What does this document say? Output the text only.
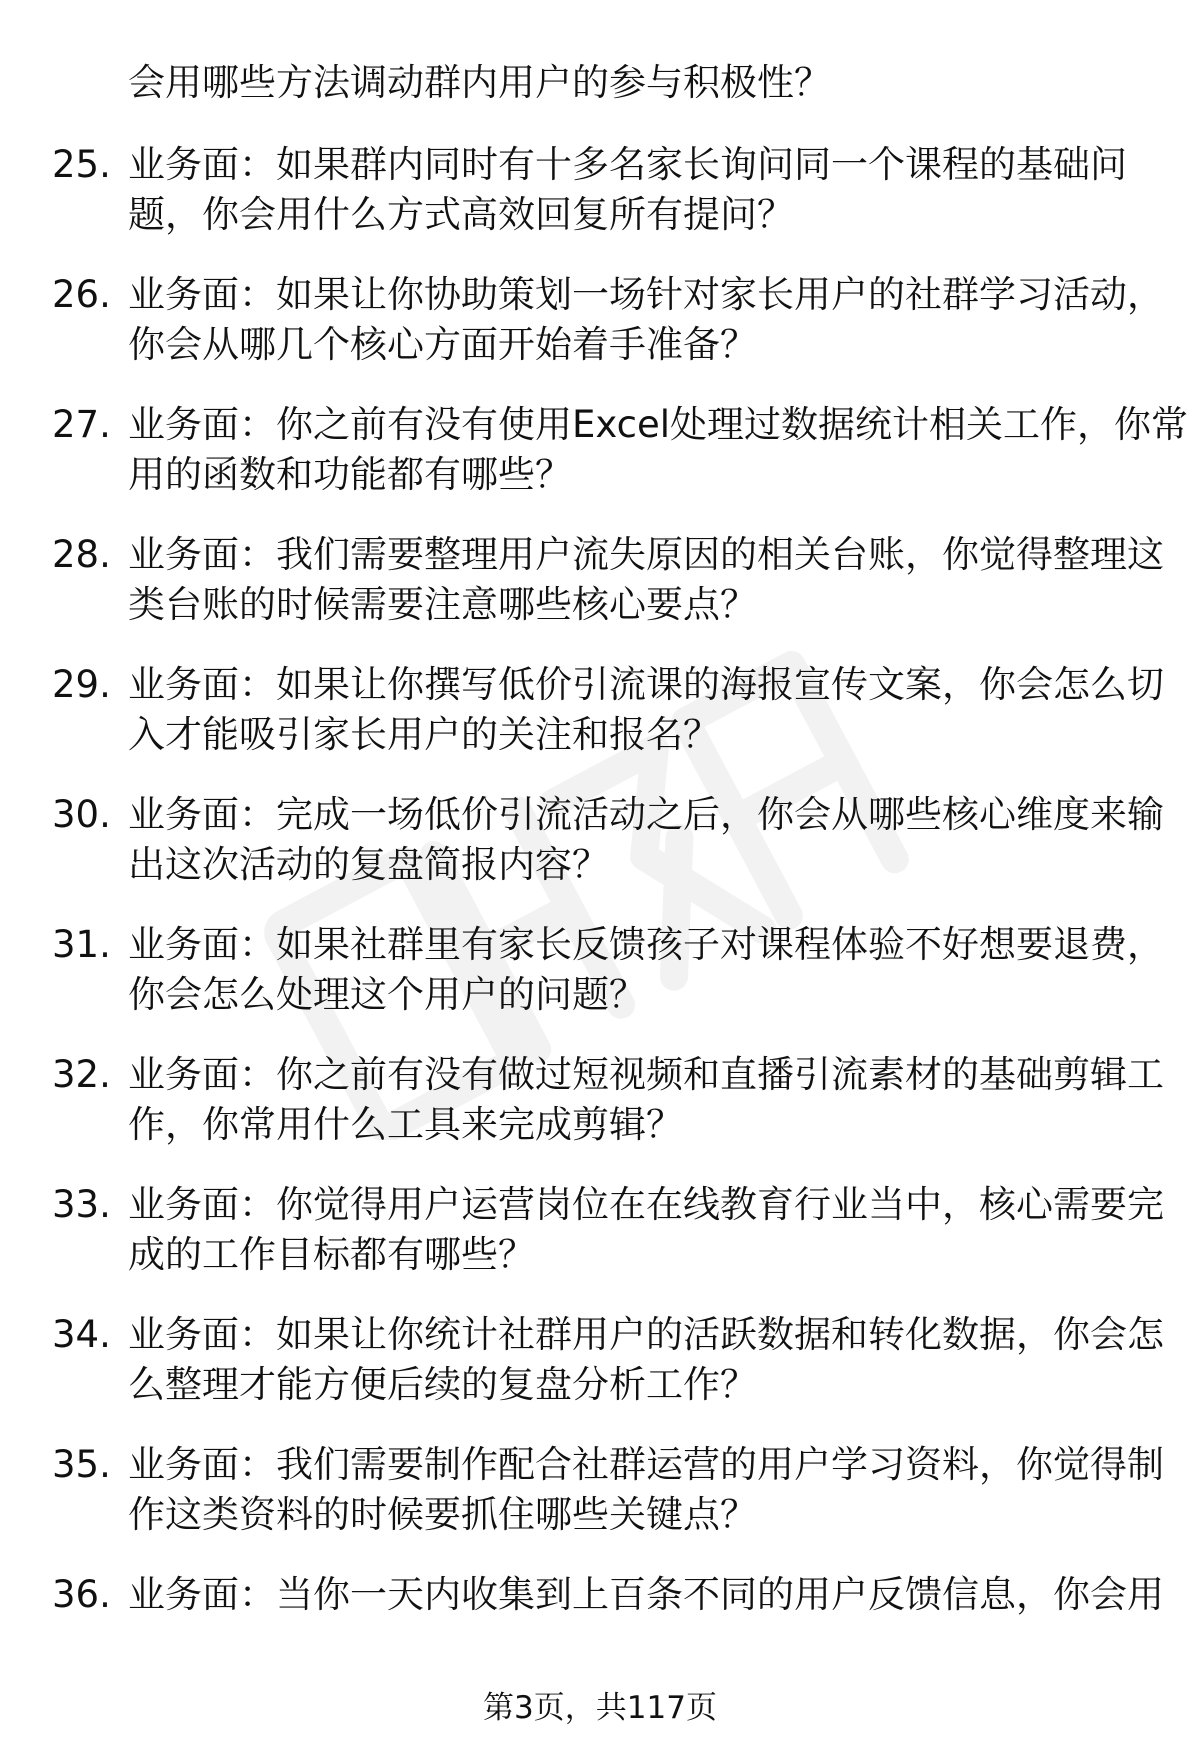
会用哪些方法调动群内用户的参与积极性？
25. 业务面：如果群内同时有十多名家长询问同一个课程的基础问
题，你会用什么方式高效回复所有提问？
26. 业务面：如果让你协助策划一场针对家长用户的社群学习活动，
你会从哪几个核心方面开始着手准备？
27. 业务面：你之前有没有使用Excel处理过数据统计相关工作，你常
用的函数和功能都有哪些？
28. 业务面：我们需要整理用户流失原因的相关台账，你觉得整理这
类台账的时候需要注意哪些核心要点？
29. 业务面：如果让你撰写低价引流课的海报宣传文案，你会怎么切
入才能吸引家长用户的关注和报名？
30. 业务面：完成一场低价引流活动之后，你会从哪些核心维度来输
出这次活动的复盘简报内容？
31. 业务面：如果社群里有家长反馈孩子对课程体验不好想要退费，
你会怎么处理这个用户的问题？
32. 业务面：你之前有没有做过短视频和直播引流素材的基础剪辑工
作，你常用什么工具来完成剪辑？
33. 业务面：你觉得用户运营岗位在在线教育行业当中，核心需要完
成的工作目标都有哪些？
34. 业务面：如果让你统计社群用户的活跃数据和转化数据，你会怎
么整理才能方便后续的复盘分析工作？
35. 业务面：我们需要制作配合社群运营的用户学习资料，你觉得制
作这类资料的时候要抓住哪些关键点？
36. 业务面：当你一天内收集到上百条不同的用户反馈信息，你会用
第3页，共117页
